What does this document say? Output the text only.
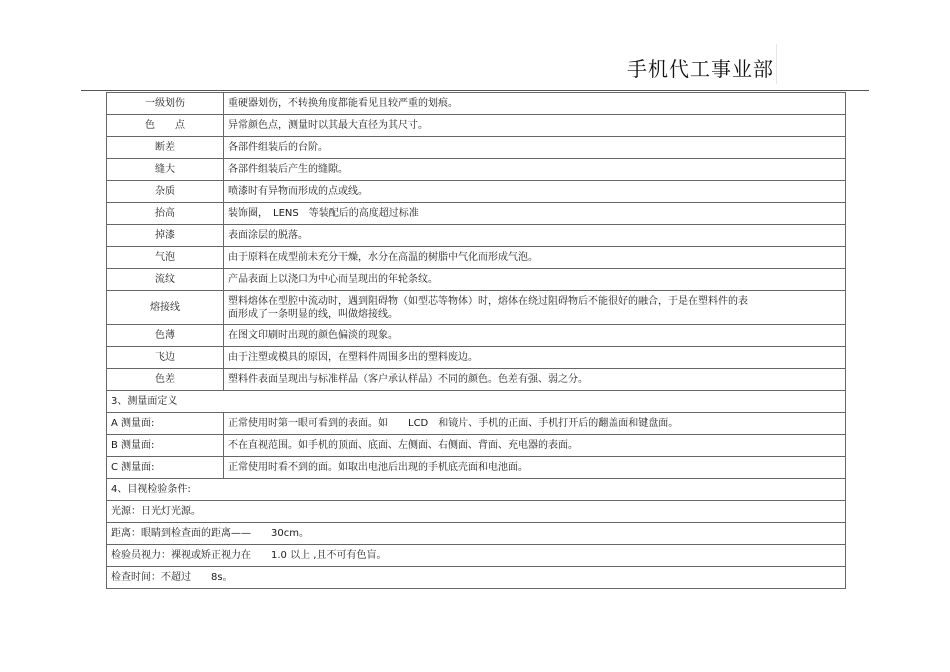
手机代工事业部
一级划伤	重硬器划伤，不转换角度都能看见且较严重的划痕。
色　　点	异常颜色点，测量时以其最大直径为其尺寸。
断差	各部件组装后的台阶。
缝大	各部件组装后产生的缝隙。
杂质	喷漆时有异物而形成的点或线。
抬高	装饰圈，　LENS　等装配后的高度超过标准
掉漆	表面涂层的脱落。
气泡	由于原料在成型前未充分干燥，水分在高温的树脂中气化而形成气泡。
流纹	产品表面上以浇口为中心而呈现出的年轮条纹。
熔接线	塑料熔体在型腔中流动时，遇到阻碍物（如型芯等物体）时，熔体在绕过阻碍物后不能很好的融合，于是在塑料件的表
面形成了一条明显的线，叫做熔接线。

色薄	在图文印刷时出现的颜色偏淡的现象。
飞边	由于注塑或模具的原因，在塑料件周围多出的塑料废边。
色差	塑料件表面呈现出与标准样品（客户承认样品）不同的颜色。色差有强、弱之分。
3、测量面定义	
A 测量面:	正常使用时第一眼可看到的表面。如　　LCD　和镜片、手机的正面、手机打开后的翻盖面和键盘面。
B 测量面:	不在直视范围。如手机的顶面、底面、左侧面、右侧面、背面、充电器的表面。
C 测量面:	正常使用时看不到的面。如取出电池后出现的手机底壳面和电池面。
4、目视检验条件:	
光源：日光灯光源。	
距离：眼睛到检查面的距离——　　30cm。	
检验员视力：裸视或矫正视力在　　1.0 以上 ,且不可有色盲。	
检查时间：不超过　　8s。	
